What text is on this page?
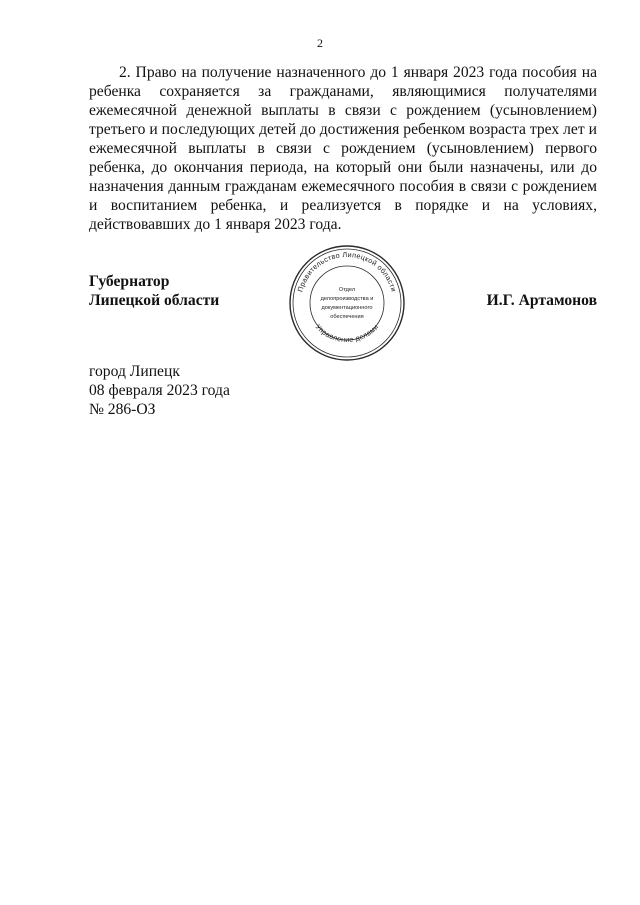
2

2. Право на получение назначенного до 1 января 2023 года пособия на ребенка сохраняется за гражданами, являющимися получателями ежемесячной денежной выплаты в связи с рождением (усыновлением) третьего и последующих детей до достижения ребенком возраста трех лет и ежемесячной выплаты в связи с рождением (усыновлением) первого ребенка, до окончания периода, на который они были назначены, или до назначения данным гражданам ежемесячного пособия в связи с рождением и воспитанием ребенка, и реализуется в порядке и на условиях, действовавших до 1 января 2023 года.

Губернатор
Липецкой области	И.Г. Артамонов
Правительство Липецкой области
Управление делами
Отдел
делопроизводства и
документационного
обеспечения
город Липецк
08 февраля 2023 года
№ 286-ОЗ
